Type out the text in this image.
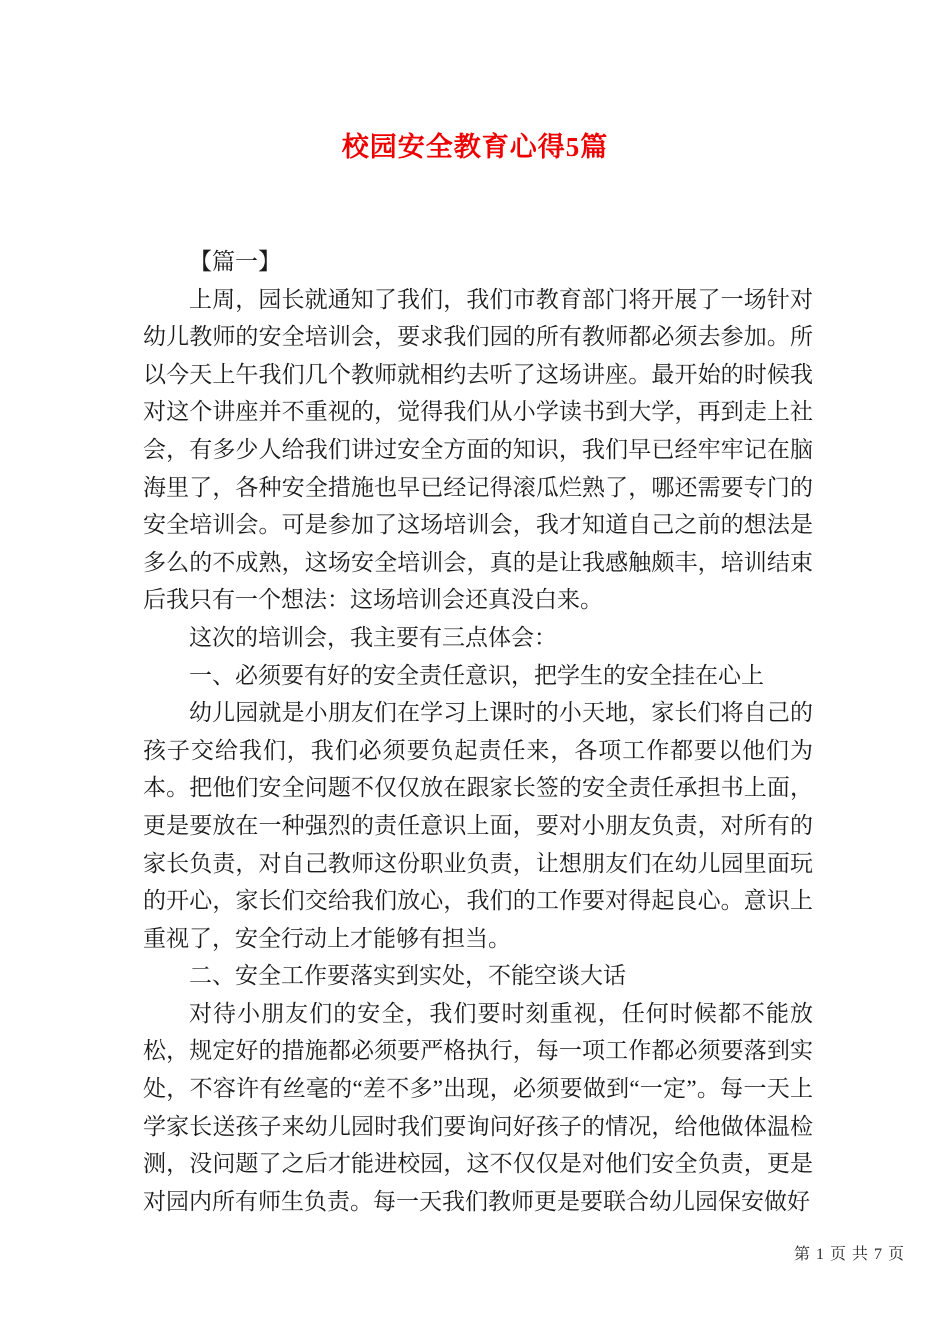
校园安全教育心得5篇

【篇一】

上周，园长就通知了我们，我们市教育部门将开展了一场针对幼儿教师的安全培训会，要求我们园的所有教师都必须去参加。所以今天上午我们几个教师就相约去听了这场讲座。最开始的时候我对这个讲座并不重视的，觉得我们从小学读书到大学，再到走上社会，有多少人给我们讲过安全方面的知识，我们早已经牢牢记在脑海里了，各种安全措施也早已经记得滚瓜烂熟了，哪还需要专门的安全培训会。可是参加了这场培训会，我才知道自己之前的想法是多么的不成熟，这场安全培训会，真的是让我感触颇丰，培训结束后我只有一个想法：这场培训会还真没白来。

这次的培训会，我主要有三点体会：

一、必须要有好的安全责任意识，把学生的安全挂在心上

幼儿园就是小朋友们在学习上课时的小天地，家长们将自己的孩子交给我们，我们必须要负起责任来，各项工作都要以他们为本。把他们安全问题不仅仅放在跟家长签的安全责任承担书上面，更是要放在一种强烈的责任意识上面，要对小朋友负责，对所有的家长负责，对自己教师这份职业负责，让想朋友们在幼儿园里面玩的开心，家长们交给我们放心，我们的工作要对得起良心。意识上重视了，安全行动上才能够有担当。

二、安全工作要落实到实处，不能空谈大话

对待小朋友们的安全，我们要时刻重视，任何时候都不能放松，规定好的措施都必须要严格执行，每一项工作都必须要落到实处，不容许有丝毫的“差不多”出现，必须要做到“一定”。每一天上学家长送孩子来幼儿园时我们要询问好孩子的情况，给他做体温检测，没问题了之后才能进校园，这不仅仅是对他们安全负责，更是对园内所有师生负责。每一天我们教师更是要联合幼儿园保安做好

第 1 页 共 7 页
